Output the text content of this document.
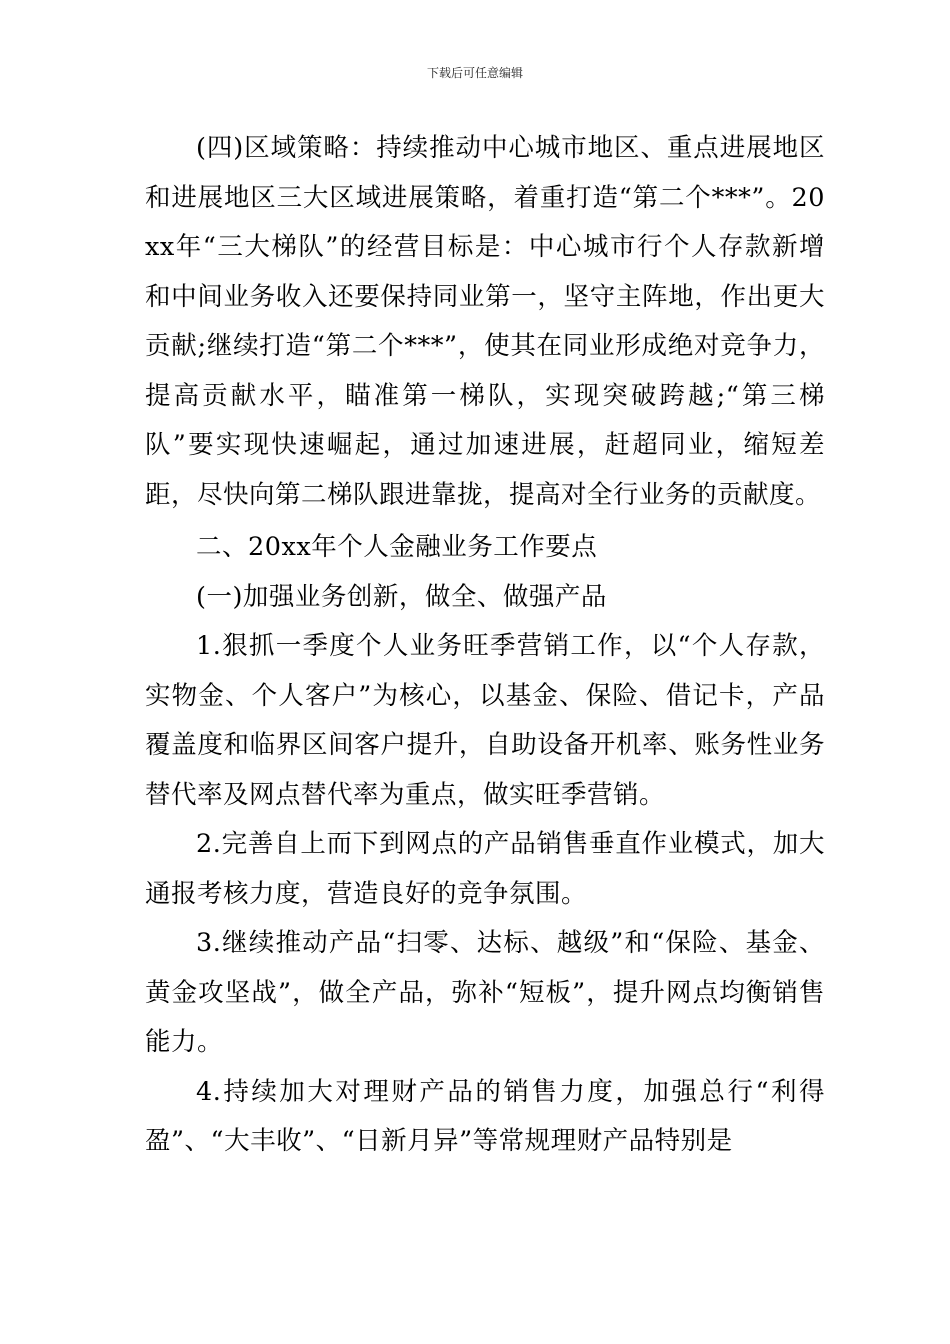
下载后可任意编辑

(四)区域策略：持续推动中心城市地区、重点进展地区和进展地区三大区域进展策略，着重打造“第二个***”。20xx年“三大梯队”的经营目标是：中心城市行个人存款新增和中间业务收入还要保持同业第一，坚守主阵地，作出更大贡献;继续打造“第二个***”，使其在同业形成绝对竞争力，提高贡献水平，瞄准第一梯队，实现突破跨越;“第三梯队”要实现快速崛起，通过加速进展，赶超同业，缩短差距，尽快向第二梯队跟进靠拢，提高对全行业务的贡献度。

二、20xx年个人金融业务工作要点

(一)加强业务创新，做全、做强产品

1.狠抓一季度个人业务旺季营销工作，以“个人存款，实物金、个人客户”为核心，以基金、保险、借记卡，产品覆盖度和临界区间客户提升，自助设备开机率、账务性业务替代率及网点替代率为重点，做实旺季营销。

2.完善自上而下到网点的产品销售垂直作业模式，加大通报考核力度，营造良好的竞争氛围。

3.继续推动产品“扫零、达标、越级”和“保险、基金、黄金攻坚战”，做全产品，弥补“短板”，提升网点均衡销售能力。

4.持续加大对理财产品的销售力度，加强总行“利得盈”、“大丰收”、“日新月异”等常规理财产品特别是
